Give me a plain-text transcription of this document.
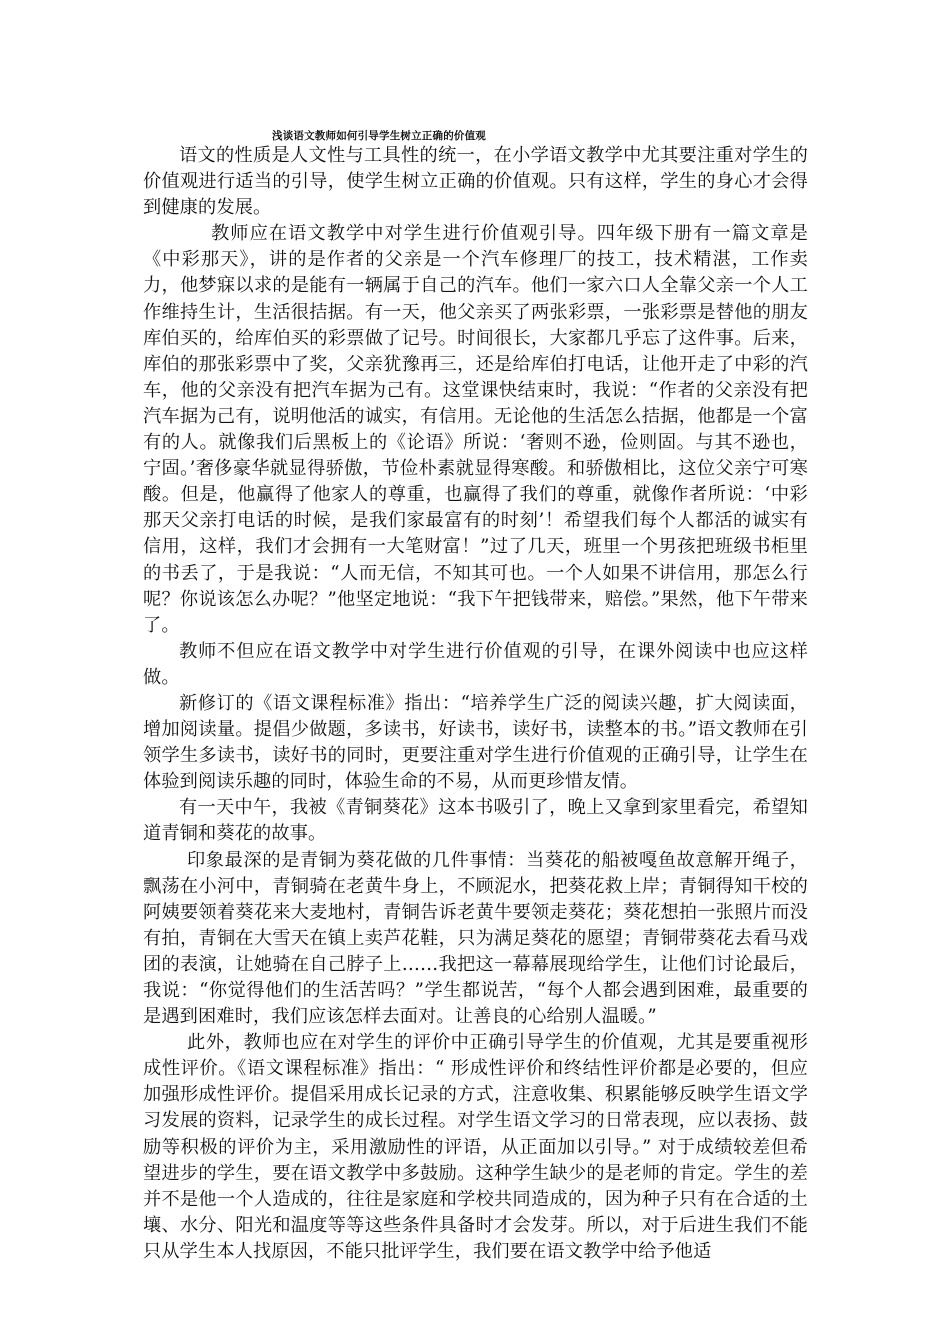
浅谈语文教师如何引导学生树立正确的价值观

语文的性质是人文性与工具性的统一，在小学语文教学中尤其要注重对学生的价值观进行适当的引导，使学生树立正确的价值观。只有这样，学生的身心才会得到健康的发展。

教师应在语文教学中对学生进行价值观引导。四年级下册有一篇文章是《中彩那天》，讲的是作者的父亲是一个汽车修理厂的技工，技术精湛，工作卖力，他梦寐以求的是能有一辆属于自己的汽车。他们一家六口人全靠父亲一个人工作维持生计，生活很拮据。有一天，他父亲买了两张彩票，一张彩票是替他的朋友库伯买的，给库伯买的彩票做了记号。时间很长，大家都几乎忘了这件事。后来，库伯的那张彩票中了奖，父亲犹豫再三，还是给库伯打电话，让他开走了中彩的汽车，他的父亲没有把汽车据为己有。这堂课快结束时，我说：“作者的父亲没有把汽车据为己有，说明他活的诚实，有信用。无论他的生活怎么拮据，他都是一个富有的人。就像我们后黑板上的《论语》所说：‘奢则不逊，俭则固。与其不逊也，宁固。’奢侈豪华就显得骄傲，节俭朴素就显得寒酸。和骄傲相比，这位父亲宁可寒酸。但是，他赢得了他家人的尊重，也赢得了我们的尊重，就像作者所说：‘中彩那天父亲打电话的时候，是我们家最富有的时刻’！希望我们每个人都活的诚实有信用，这样，我们才会拥有一大笔财富！”过了几天，班里一个男孩把班级书柜里的书丢了，于是我说：“人而无信，不知其可也。一个人如果不讲信用，那怎么行呢？你说该怎么办呢？”他坚定地说：“我下午把钱带来，赔偿。”果然，他下午带来了。

教师不但应在语文教学中对学生进行价值观的引导，在课外阅读中也应这样做。

新修订的《语文课程标准》指出：“培养学生广泛的阅读兴趣，扩大阅读面，增加阅读量。提倡少做题，多读书，好读书，读好书，读整本的书。”语文教师在引领学生多读书，读好书的同时，更要注重对学生进行价值观的正确引导，让学生在体验到阅读乐趣的同时，体验生命的不易，从而更珍惜友情。

有一天中午，我被《青铜葵花》这本书吸引了，晚上又拿到家里看完，希望知道青铜和葵花的故事。

印象最深的是青铜为葵花做的几件事情：当葵花的船被嘎鱼故意解开绳子，飘荡在小河中，青铜骑在老黄牛身上，不顾泥水，把葵花救上岸；青铜得知干校的阿姨要领着葵花来大麦地村，青铜告诉老黄牛要领走葵花；葵花想拍一张照片而没有拍，青铜在大雪天在镇上卖芦花鞋，只为满足葵花的愿望；青铜带葵花去看马戏团的表演，让她骑在自己脖子上……我把这一幕幕展现给学生，让他们讨论最后，我说：“你觉得他们的生活苦吗？”学生都说苦，“每个人都会遇到困难，最重要的是遇到困难时，我们应该怎样去面对。让善良的心给别人温暖。”

此外，教师也应在对学生的评价中正确引导学生的价值观，尤其是要重视形成性评价。《语文课程标准》指出：“ 形成性评价和终结性评价都是必要的，但应加强形成性评价。提倡采用成长记录的方式，注意收集、积累能够反映学生语文学习发展的资料，记录学生的成长过程。对学生语文学习的日常表现，应以表扬、鼓励等积极的评价为主，采用激励性的评语，从正面加以引导。” 对于成绩较差但希望进步的学生，要在语文教学中多鼓励。这种学生缺少的是老师的肯定。学生的差并不是他一个人造成的，往往是家庭和学校共同造成的，因为种子只有在合适的土壤、水分、阳光和温度等等这些条件具备时才会发芽。所以，对于后进生我们不能只从学生本人找原因，不能只批评学生，我们要在语文教学中给予他适
